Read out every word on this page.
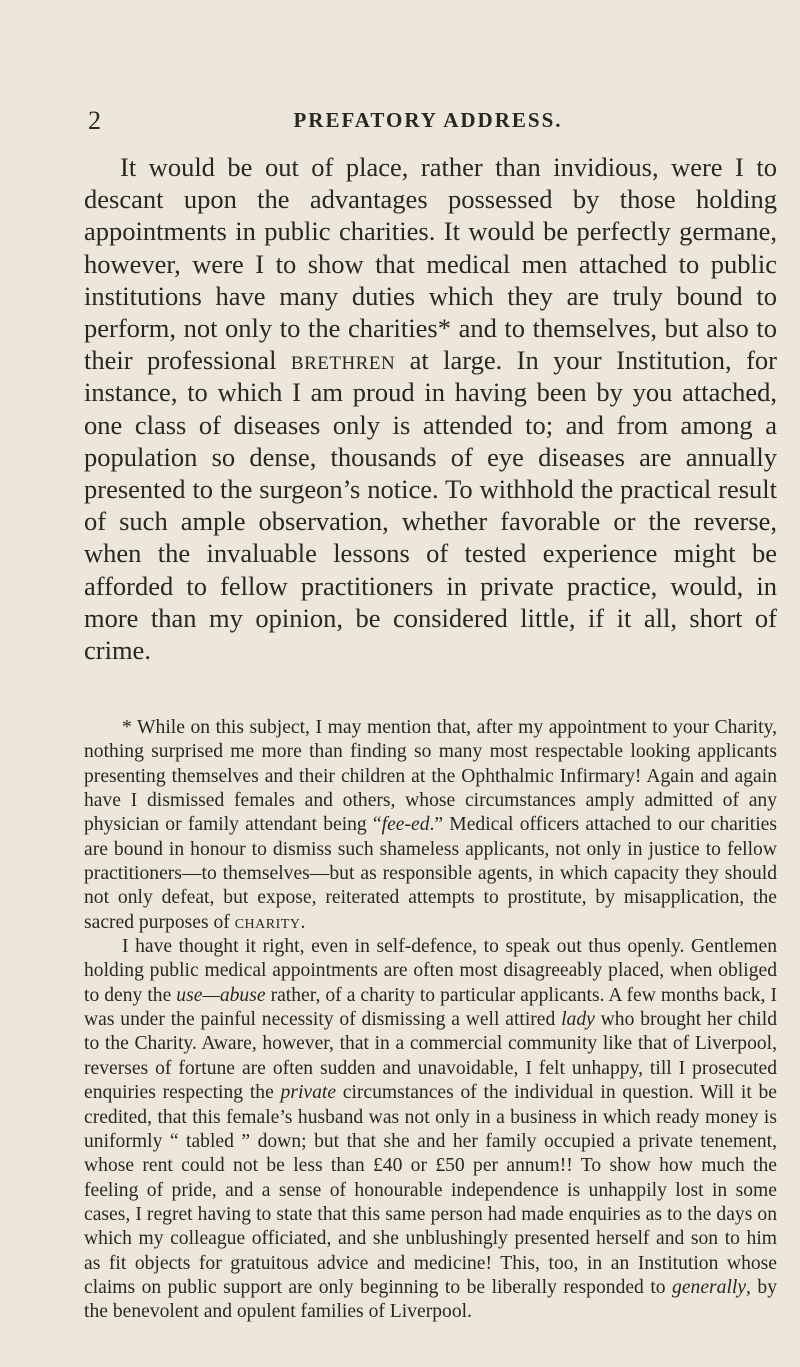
2	PREFATORY ADDRESS.

It would be out of place, rather than invidious, were I to descant upon the advantages possessed by those holding appointments in public charities. It would be perfectly germane, however, were I to show that medical men attached to public institutions have many duties which they are truly bound to perform, not only to the charities* and to themselves, but also to their professional brethren at large. In your Institution, for instance, to which I am proud in having been by you attached, one class of diseases only is attended to; and from among a population so dense, thousands of eye diseases are annually presented to the surgeon’s notice. To withhold the practical result of such ample observation, whether favorable or the reverse, when the invaluable lessons of tested experience might be afforded to fellow practitioners in private practice, would, in more than my opinion, be considered little, if it all, short of crime.

* While on this subject, I may mention that, after my appointment to your Charity, nothing surprised me more than finding so many most respectable looking applicants presenting themselves and their children at the Ophthalmic Infirmary! Again and again have I dismissed females and others, whose circumstances amply admitted of any physician or family attendant being “fee-ed.” Medical officers attached to our charities are bound in honour to dismiss such shameless applicants, not only in justice to fellow practitioners—to themselves—but as responsible agents, in which capacity they should not only defeat, but expose, reiterated attempts to prostitute, by misapplication, the sacred purposes of charity.

I have thought it right, even in self-defence, to speak out thus openly. Gentlemen holding public medical appointments are often most disagreeably placed, when obliged to deny the use—abuse rather, of a charity to particular applicants. A few months back, I was under the painful necessity of dismissing a well attired lady who brought her child to the Charity. Aware, however, that in a commercial community like that of Liverpool, reverses of fortune are often sudden and unavoidable, I felt unhappy, till I prosecuted enquiries respecting the private circumstances of the individual in question. Will it be credited, that this female’s husband was not only in a business in which ready money is uniformly “ tabled ” down; but that she and her family occupied a private tenement, whose rent could not be less than £40 or £50 per annum!! To show how much the feeling of pride, and a sense of honourable independence is unhappily lost in some cases, I regret having to state that this same person had made enquiries as to the days on which my colleague officiated, and she unblushingly presented herself and son to him as fit objects for gratuitous advice and medicine! This, too, in an Institution whose claims on public support are only beginning to be liberally responded to generally, by the benevolent and opulent families of Liverpool.
